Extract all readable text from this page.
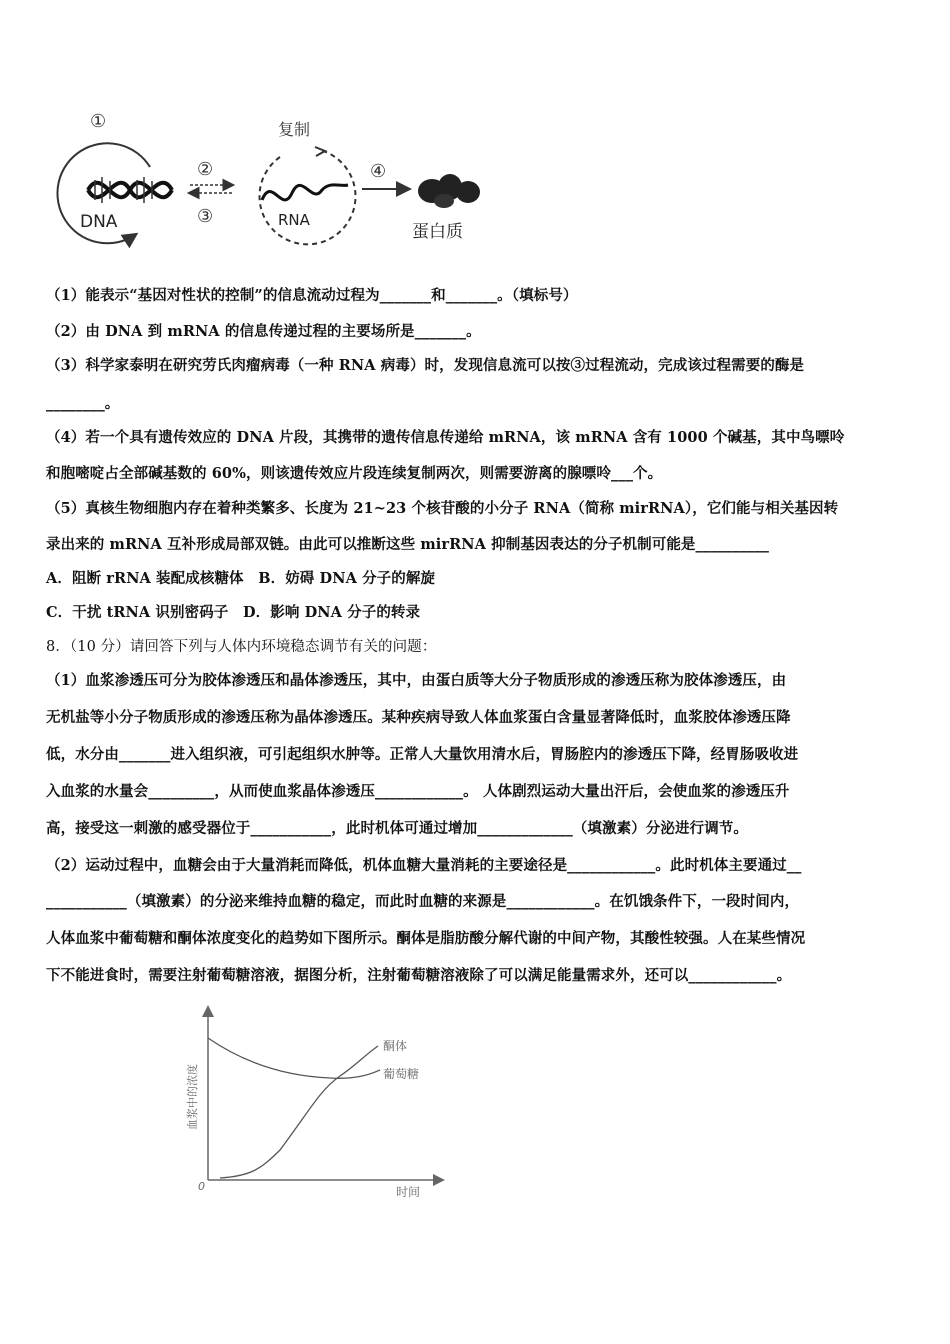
①
DNA
②
③
复制
RNA
④
蛋白质
（1）能表示“基因对性状的控制”的信息流动过程为_______和_______。（填标号）
（2）由 DNA 到 mRNA 的信息传递过程的主要场所是_______。
（3）科学家泰明在研究劳氏肉瘤病毒（一种 RNA 病毒）时，发现信息流可以按③过程流动，完成该过程需要的酶是
________。
（4）若一个具有遗传效应的 DNA 片段，其携带的遗传信息传递给 mRNA，该 mRNA 含有 1000 个碱基，其中鸟嘌呤
和胞嘧啶占全部碱基数的 60%，则该遗传效应片段连续复制两次，则需要游离的腺嘌呤___个。
（5）真核生物细胞内存在着种类繁多、长度为 21~23 个核苷酸的小分子 RNA（简称 mirRNA），它们能与相关基因转
录出来的 mRNA 互补形成局部双链。由此可以推断这些 mirRNA 抑制基因表达的分子机制可能是__________
A．阻断 rRNA 装配成核糖体　B．妨碍 DNA 分子的解旋
C．干扰 tRNA 识别密码子　D．影响 DNA 分子的转录
8．（10 分）请回答下列与人体内环境稳态调节有关的问题：
（1）血浆渗透压可分为胶体渗透压和晶体渗透压，其中，由蛋白质等大分子物质形成的渗透压称为胶体渗透压，由
无机盐等小分子物质形成的渗透压称为晶体渗透压。某种疾病导致人体血浆蛋白含量显著降低时，血浆胶体渗透压降
低，水分由_______进入组织液，可引起组织水肿等。正常人大量饮用清水后，胃肠腔内的渗透压下降，经胃肠吸收进
入血浆的水量会_________，从而使血浆晶体渗透压____________。 人体剧烈运动大量出汗后，会使血浆的渗透压升
高，接受这一刺激的感受器位于___________，此时机体可通过增加_____________（填激素）分泌进行调节。
（2）运动过程中，血糖会由于大量消耗而降低，机体血糖大量消耗的主要途径是____________。此时机体主要通过__
___________（填激素）的分泌来维持血糖的稳定，而此时血糖的来源是____________。在饥饿条件下，一段时间内，
人体血浆中葡萄糖和酮体浓度变化的趋势如下图所示。酮体是脂肪酸分解代谢的中间产物，其酸性较强。人在某些情况
下不能进食时，需要注射葡萄糖溶液，据图分析，注射葡萄糖溶液除了可以满足能量需求外，还可以____________。
0	时间
血浆中的浓度
酮体
葡萄糖
